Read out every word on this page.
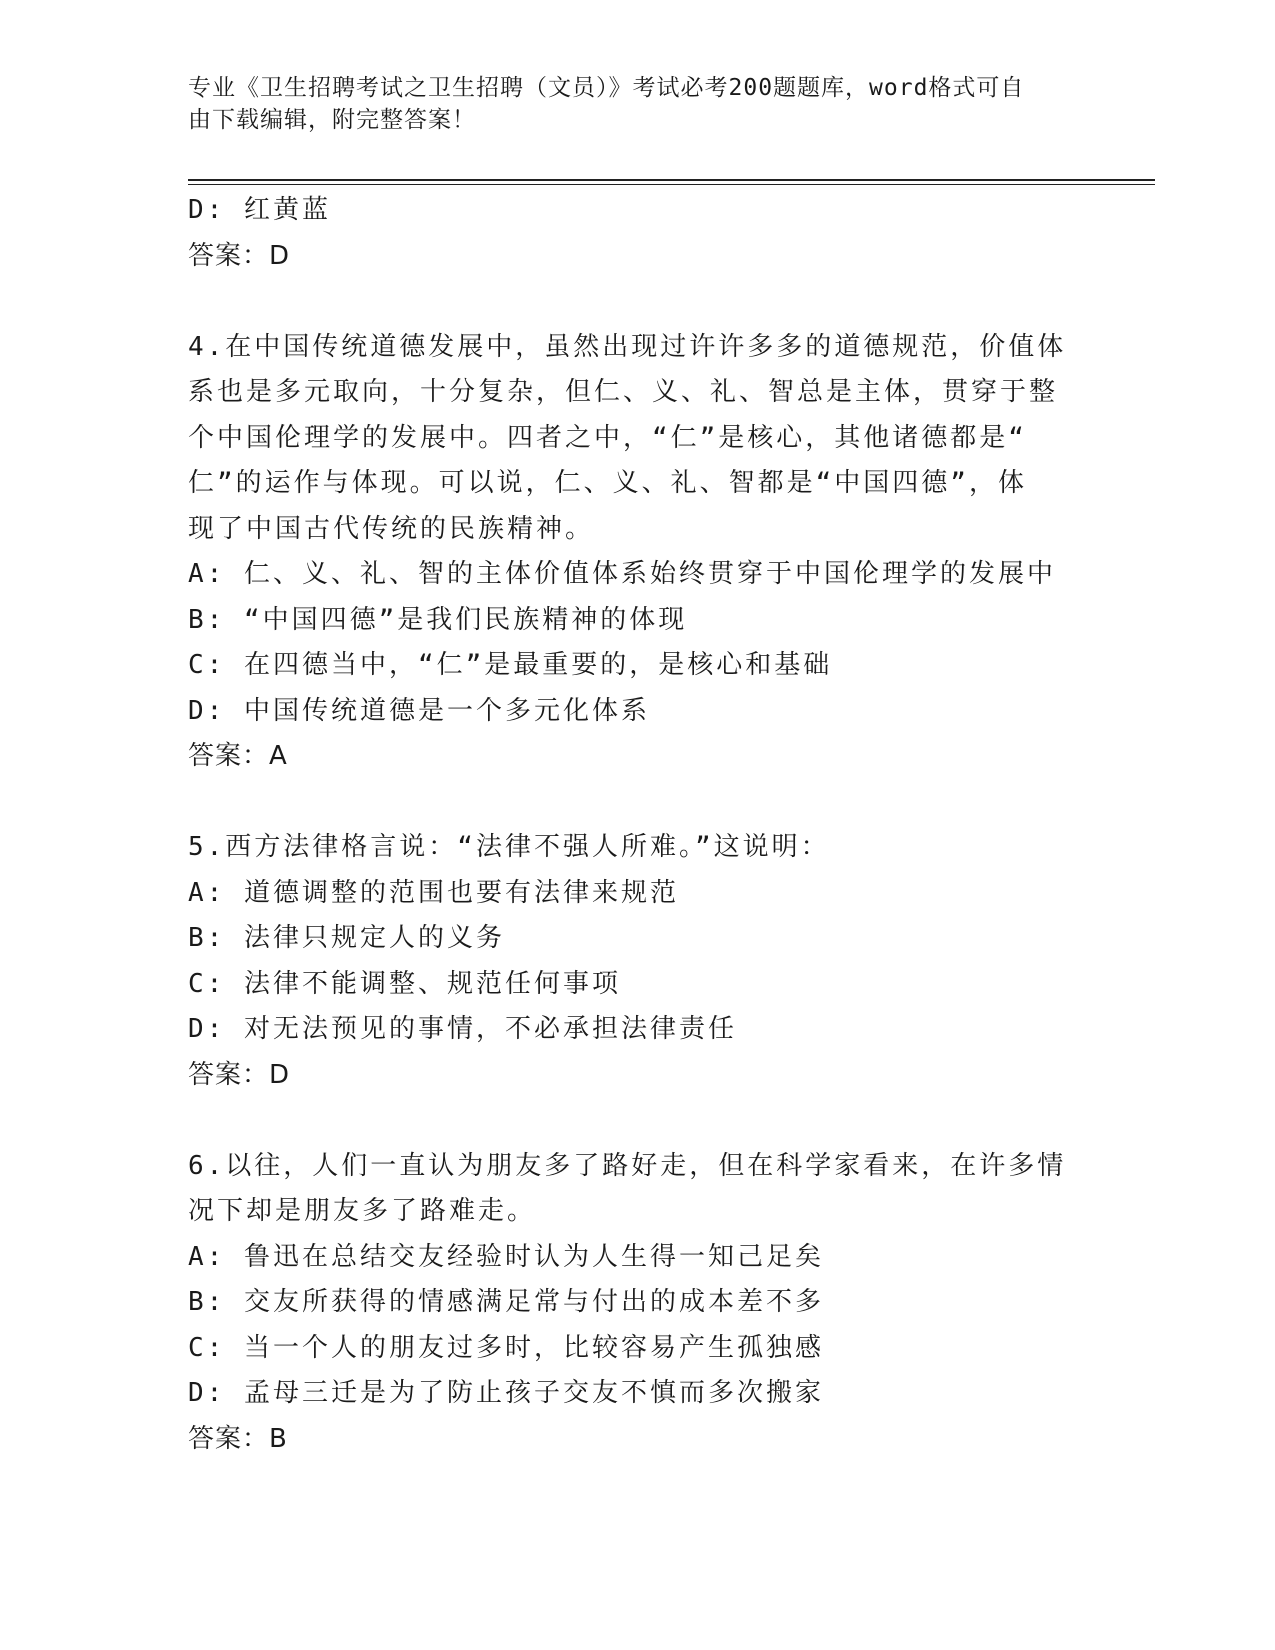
专业《卫生招聘考试之卫生招聘（文员）》考试必考200题题库，word格式可自
由下载编辑，附完整答案！
D: 红黄蓝
答案：D
4.在中国传统道德发展中，虽然出现过许许多多的道德规范，价值体
系也是多元取向，十分复杂，但仁、义、礼、智总是主体，贯穿于整
个中国伦理学的发展中。四者之中，“仁”是核心，其他诸德都是“
仁”的运作与体现。可以说，仁、义、礼、智都是“中国四德”，体
现了中国古代传统的民族精神。
A: 仁、义、礼、智的主体价值体系始终贯穿于中国伦理学的发展中
B: “中国四德”是我们民族精神的体现
C: 在四德当中，“仁”是最重要的，是核心和基础
D: 中国传统道德是一个多元化体系
答案：A
5.西方法律格言说：“法律不强人所难。”这说明：
A: 道德调整的范围也要有法律来规范
B: 法律只规定人的义务
C: 法律不能调整、规范任何事项
D: 对无法预见的事情，不必承担法律责任
答案：D
6.以往，人们一直认为朋友多了路好走，但在科学家看来，在许多情
况下却是朋友多了路难走。
A: 鲁迅在总结交友经验时认为人生得一知己足矣
B: 交友所获得的情感满足常与付出的成本差不多
C: 当一个人的朋友过多时，比较容易产生孤独感
D: 孟母三迁是为了防止孩子交友不慎而多次搬家
答案：B
